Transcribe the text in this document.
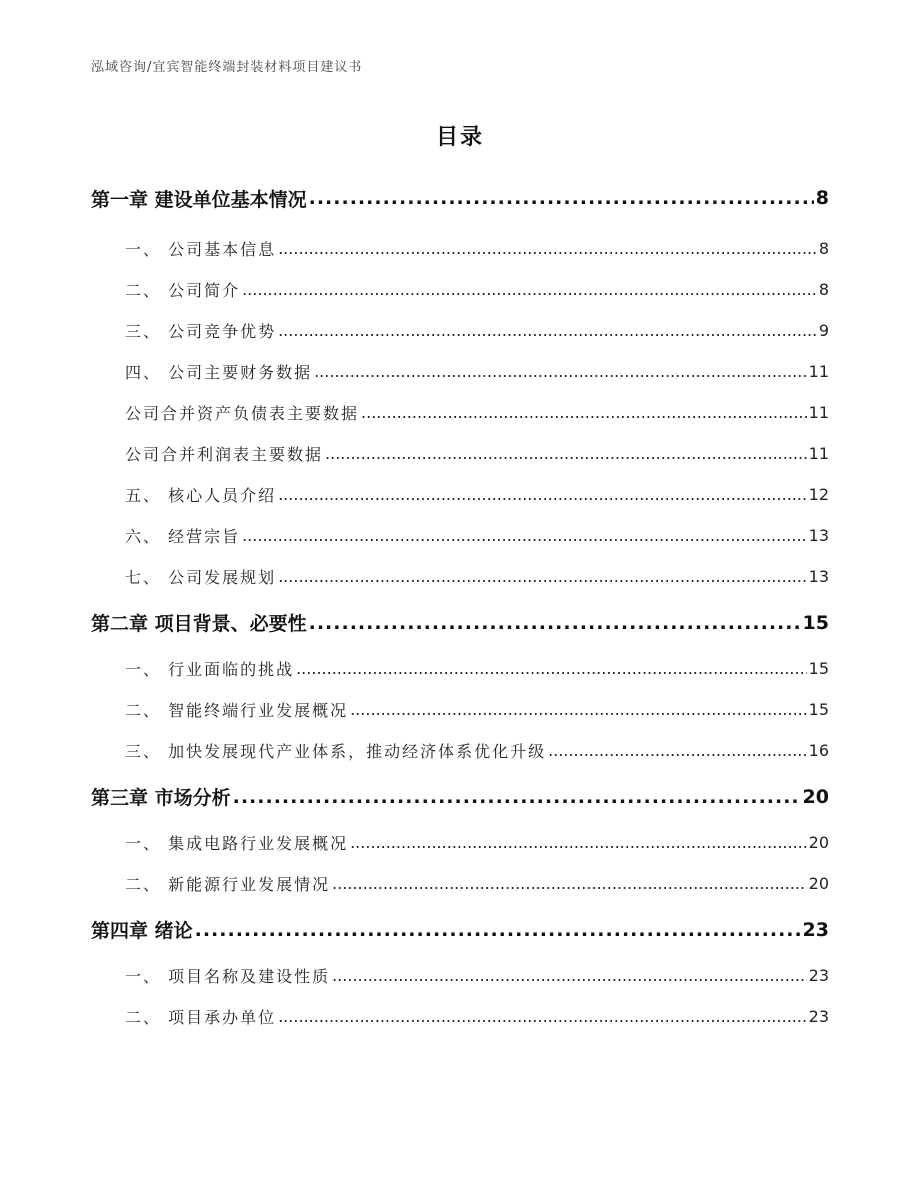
泓域咨询/宜宾智能终端封装材料项目建议书
目录
第一章 建设单位基本情况 .....	8
一、 公司基本信息 .....	8
二、 公司简介 .....	8
三、 公司竞争优势 .....	9
四、 公司主要财务数据 .....	11
公司合并资产负债表主要数据 .....	11
公司合并利润表主要数据 .....	11
五、 核心人员介绍 .....	12
六、 经营宗旨 .....	13
七、 公司发展规划 .....	13
第二章 项目背景、必要性 .....	15
一、 行业面临的挑战 .....	15
二、 智能终端行业发展概况 .....	15
三、 加快发展现代产业体系，推动经济体系优化升级 .....	16
第三章 市场分析 .....	20
一、 集成电路行业发展概况 .....	20
二、 新能源行业发展情况 .....	20
第四章 绪论 .....	23
一、 项目名称及建设性质 .....	23
二、 项目承办单位 .....	23
